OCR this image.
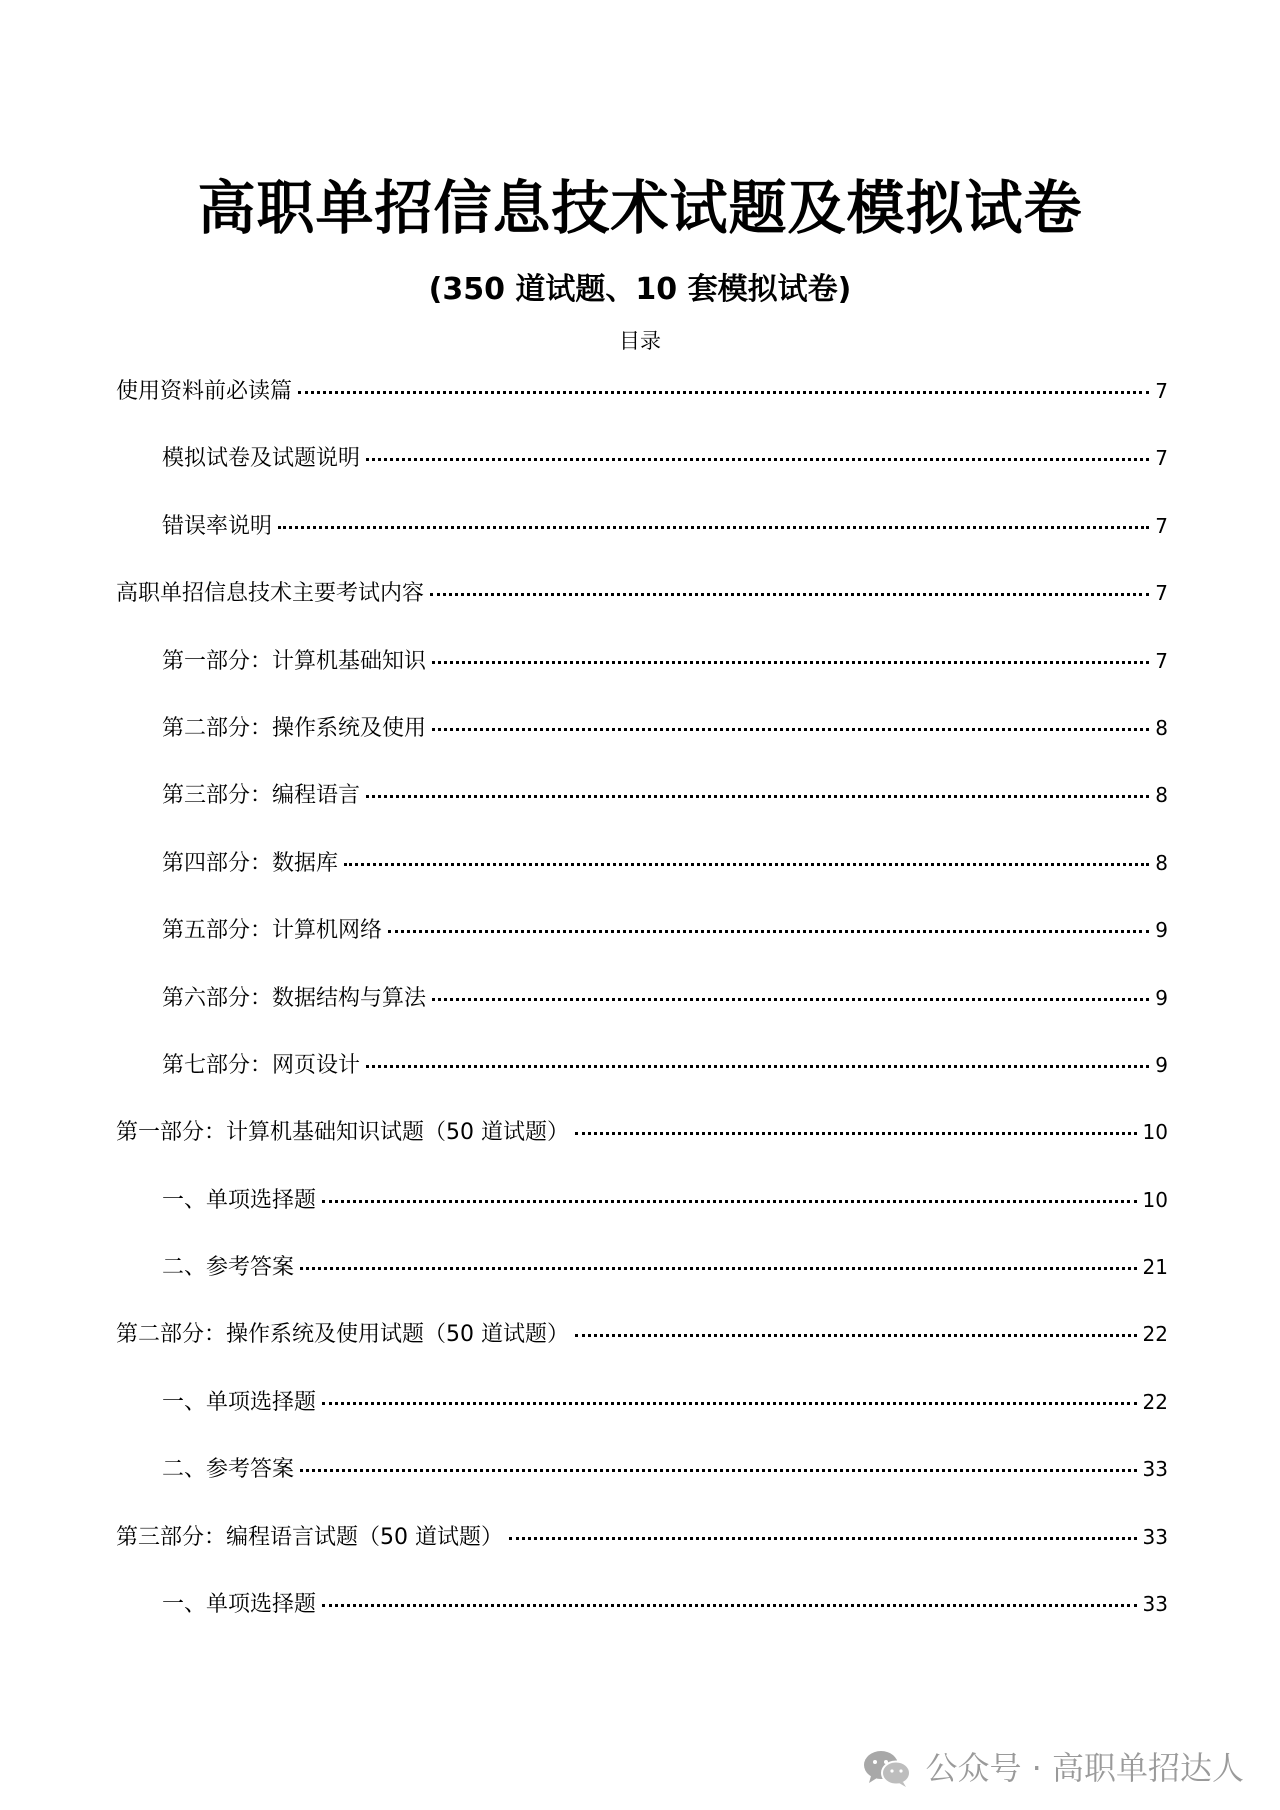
高职单招信息技术试题及模拟试卷
(350 道试题、10 套模拟试卷)
目录
使用资料前必读篇	7
模拟试卷及试题说明	7
错误率说明	7
高职单招信息技术主要考试内容	7
第一部分：计算机基础知识	7
第二部分：操作系统及使用	8
第三部分：编程语言	8
第四部分：数据库	8
第五部分：计算机网络	9
第六部分：数据结构与算法	9
第七部分：网页设计	9
第一部分：计算机基础知识试题（50 道试题）	10
一、单项选择题	10
二、参考答案	21
第二部分：操作系统及使用试题（50 道试题）	22
一、单项选择题	22
二、参考答案	33
第三部分：编程语言试题（50 道试题）	33
一、单项选择题	33
公众号 · 高职单招达人
